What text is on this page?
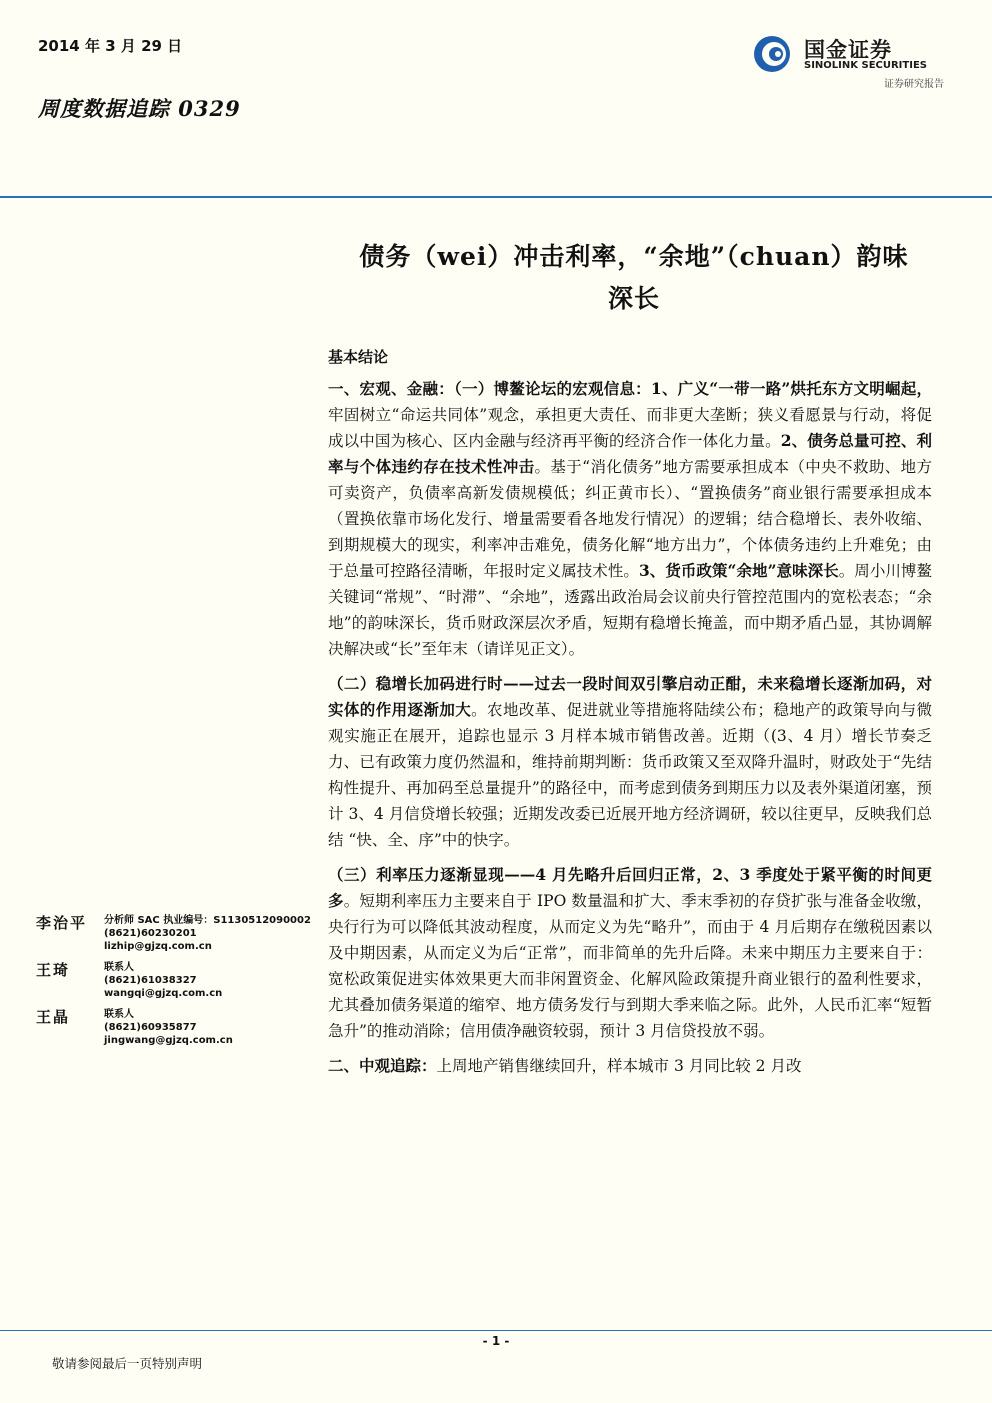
2014 年 3 月 29 日
周度数据追踪 0329
国金证券
SINOLINK SECURITIES
证券研究报告
债务（wei）冲击利率，“余地”（chuan）韵味
深长
基本结论

一、宏观、金融：（一）博鳌论坛的宏观信息：1、广义“一带一路”烘托东方文明崛起，牢固树立“命运共同体”观念，承担更大责任、而非更大垄断；狭义看愿景与行动，将促成以中国为核心、区内金融与经济再平衡的经济合作一体化力量。2、债务总量可控、利率与个体违约存在技术性冲击。基于“消化债务”地方需要承担成本（中央不救助、地方可卖资产，负债率高新发债规模低；纠正黄市长）、“置换债务”商业银行需要承担成本（置换依靠市场化发行、增量需要看各地发行情况）的逻辑；结合稳增长、表外收缩、到期规模大的现实，利率冲击难免，债务化解“地方出力”，个体债务违约上升难免；由于总量可控路径清晰，年报时定义属技术性。3、货币政策“余地”意味深长。周小川博鳌关键词“常规”、“时滞”、“余地”，透露出政治局会议前央行管控范围内的宽松表态；“余地”的韵味深长，货币财政深层次矛盾，短期有稳增长掩盖，而中期矛盾凸显，其协调解决解决或“长”至年末（请详见正文）。

（二）稳增长加码进行时——过去一段时间双引擎启动正酣，未来稳增长逐渐加码，对实体的作用逐渐加大。农地改革、促进就业等措施将陆续公布；稳地产的政策导向与微观实施正在展开，追踪也显示 3 月样本城市销售改善。近期（(3、4 月）增长节奏乏力、已有政策力度仍然温和，维持前期判断：货币政策又至双降升温时，财政处于“先结构性提升、再加码至总量提升”的路径中，而考虑到债务到期压力以及表外渠道闭塞，预计 3、4 月信贷增长较强；近期发改委已近展开地方经济调研，较以往更早，反映我们总结 “快、全、序”中的快字。

（三）利率压力逐渐显现——4 月先略升后回归正常，2、3 季度处于紧平衡的时间更多。短期利率压力主要来自于 IPO 数量温和扩大、季末季初的存贷扩张与准备金收缴，央行行为可以降低其波动程度，从而定义为先“略升”，而由于 4 月后期存在缴税因素以及中期因素，从而定义为后“正常”，而非简单的先升后降。未来中期压力主要来自于：宽松政策促进实体效果更大而非闲置资金、化解风险政策提升商业银行的盈利性要求，尤其叠加债务渠道的缩窄、地方债务发行与到期大季来临之际。此外，人民币汇率“短暂急升”的推动消除；信用债净融资较弱，预计 3 月信贷投放不弱。

二、中观追踪：上周地产销售继续回升，样本城市 3 月同比较 2 月改

李治平 分析师 SAC 执业编号：S1130512090002
(8621)60230201
lizhip@gjzq.com.cn
王琦	联系人
(8621)61038327
wangqi@gjzq.com.cn
王晶	联系人
(8621)60935877
jingwang@gjzq.com.cn
- 1 -
敬请参阅最后一页特别声明
